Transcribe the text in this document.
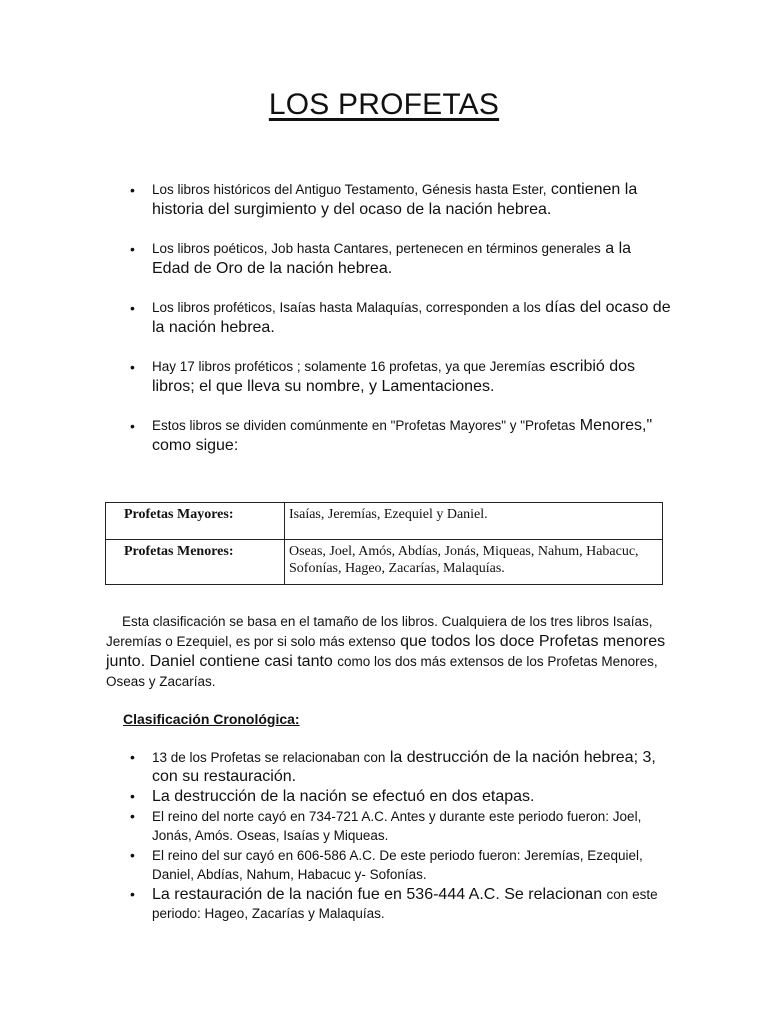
LOS PROFETAS
• Los libros históricos del Antiguo Testamento, Génesis hasta Ester, contienen la historia del surgimiento y del ocaso de la nación hebrea.
• Los libros poéticos, Job hasta Cantares, pertenecen en términos generales a la Edad de Oro de la nación hebrea.
• Los libros proféticos, Isaías hasta Malaquías, corresponden a los días del ocaso de la nación hebrea.
• Hay 17 libros proféticos ; solamente 16 profetas, ya que Jeremías escribió dos libros; el que lleva su nombre, y Lamentaciones.
• Estos libros se dividen comúnmente en "Profetas Mayores" y "Profetas Menores," como sigue:
Profetas Mayores:	Isaías, Jeremías, Ezequiel y Daniel.
Profetas Menores:	Oseas, Joel, Amós, Abdías, Jonás, Miqueas, Nahum, Habacuc, Sofonías, Hageo, Zacarías, Malaquías.
Esta clasificación se basa en el tamaño de los libros. Cualquiera de los tres libros Isaías, Jeremías o Ezequiel, es por si solo más extenso que todos los doce Profetas menores junto. Daniel contiene casi tanto como los dos más extensos de los Profetas Menores, Oseas y Zacarías.
Clasificación Cronológica:
• 13 de los Profetas se relacionaban con la destrucción de la nación hebrea; 3, con su restauración.
• La destrucción de la nación se efectuó en dos etapas.
• El reino del norte cayó en 734-721 A.C. Antes y durante este periodo fueron: Joel, Jonás, Amós. Oseas, Isaías y Miqueas.
• El reino del sur cayó en 606-586 A.C. De este periodo fueron: Jeremías, Ezequiel, Daniel, Abdías, Nahum, Habacuc y- Sofonías.
• La restauración de la nación fue en 536-444 A.C. Se relacionan con este periodo: Hageo, Zacarías y Malaquías.
